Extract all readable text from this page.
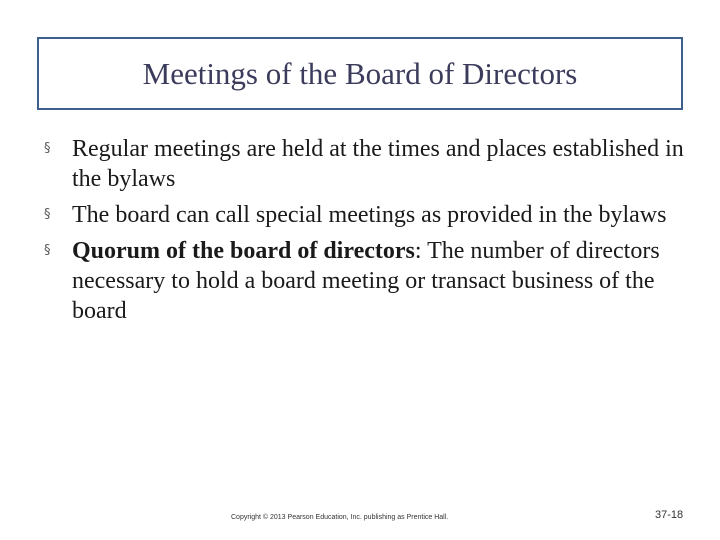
Meetings of the Board of Directors
§ Regular meetings are held at the times and places established in the bylaws
§ The board can call special meetings as provided in the bylaws
§ Quorum of the board of directors: The number of directors necessary to hold a board meeting or transact business of the board
Copyright © 2013 Pearson Education, Inc. publishing as Prentice Hall.	37-18
